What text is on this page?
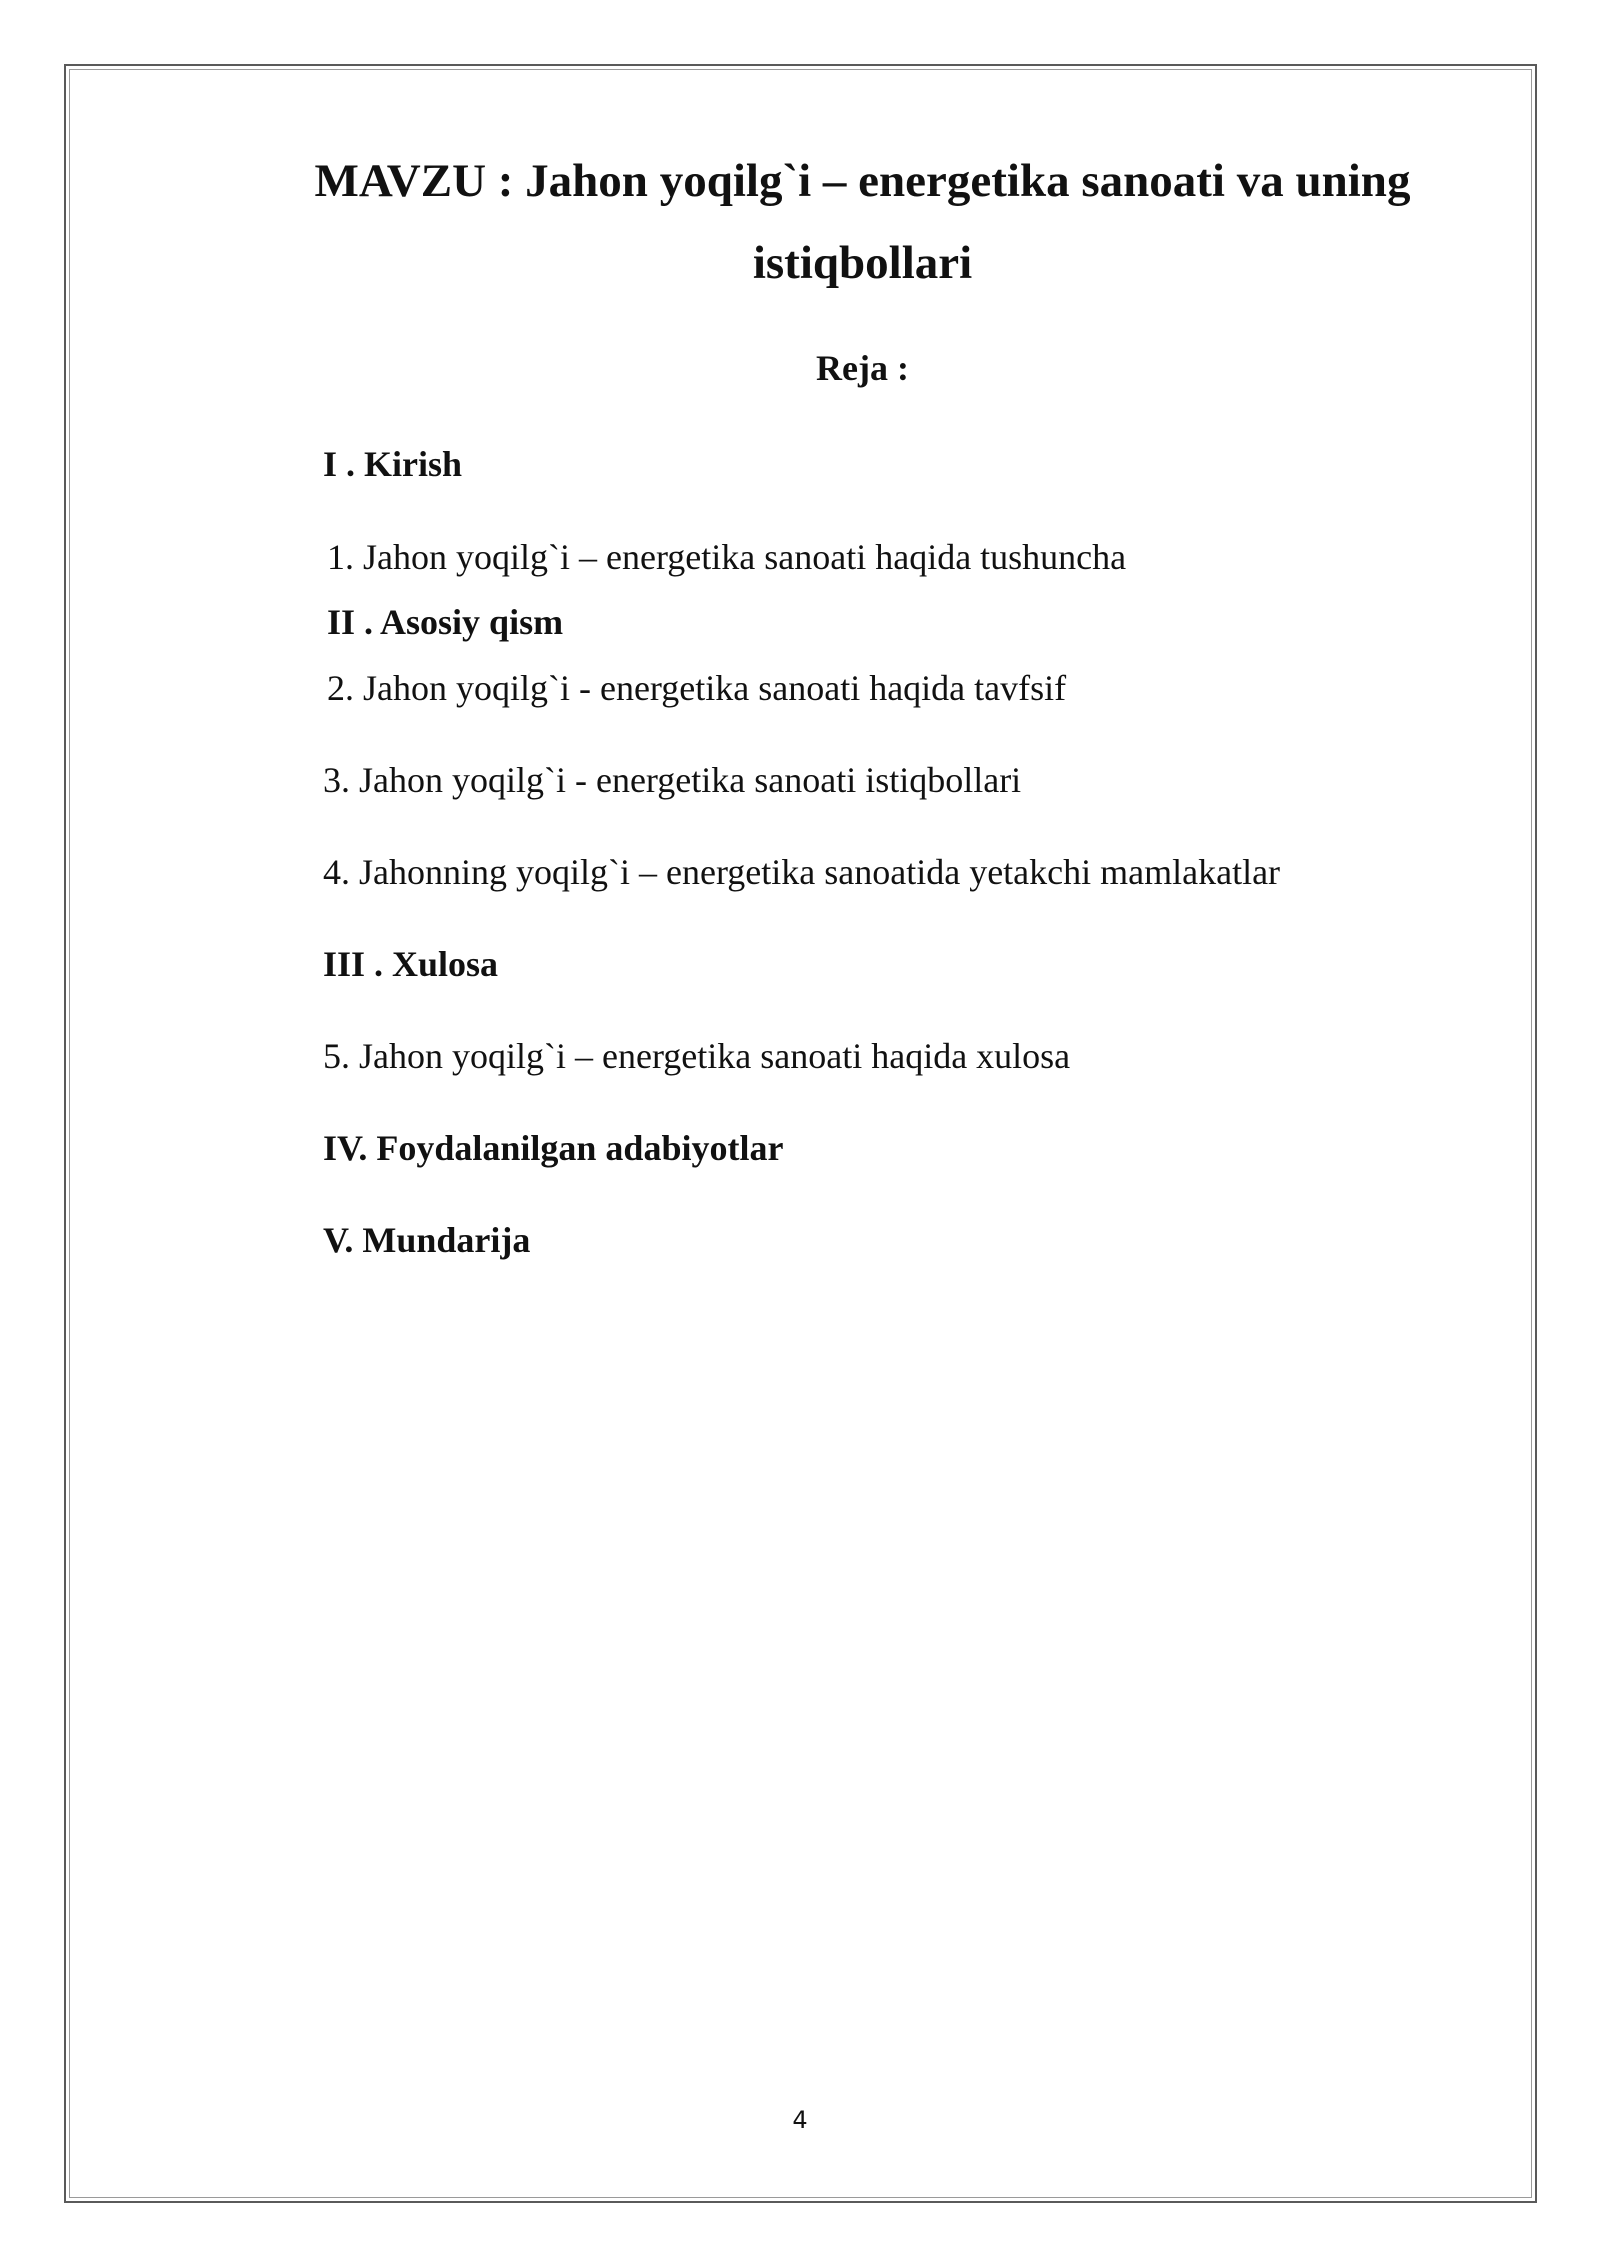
MAVZU : Jahon yoqilg`i – energetika sanoati va uning
istiqbollari
Reja :
I . Kirish
1. Jahon yoqilg`i – energetika sanoati haqida tushuncha
II . Asosiy qism
2. Jahon yoqilg`i - energetika sanoati haqida tavfsif
3. Jahon yoqilg`i - energetika sanoati istiqbollari
4. Jahonning yoqilg`i – energetika sanoatida yetakchi mamlakatlar
III . Xulosa
5. Jahon yoqilg`i – energetika sanoati haqida xulosa
IV. Foydalanilgan adabiyotlar
V. Mundarija
4
